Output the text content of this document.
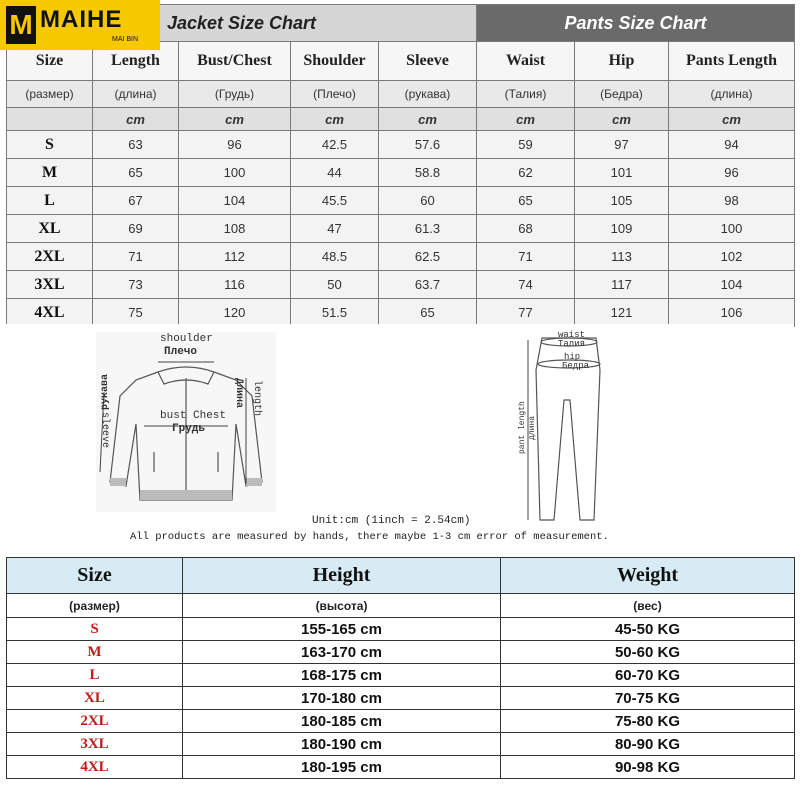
Jacket Size Chart					Pants Size Chart		
Size	Length	Bust/Chest	Shoulder	Sleeve	Waist	Hip	Pants Length
(размер)	(длина)	(Грудь)	(Плечо)	(рукава)	(Талия)	(Бедра)	(длина)
	cm	cm	cm	cm	cm	cm	cm
S	63	96	42.5	57.6	59	97	94
M	65	100	44	58.8	62	101	96
L	67	104	45.5	60	65	105	98
XL	69	108	47	61.3	68	109	100
2XL	71	112	48.5	62.5	71	113	102
3XL	73	116	50	63.7	74	117	104
4XL	75	120	51.5	65	77	121	106
M MAIHE
MAI BIN
shoulder
Плечо
bust Chest
Грудь
sleeve
рукава	length
Длина
waist
Талия
hip
Бедра
pant length длина
Unit:cm (1inch = 2.54cm)
All products are measured by hands, there maybe 1-3 cm error of measurement.
Size	Height	Weight
(размер)	(высота)	(вес)
S	155-165 cm	45-50 KG
M	163-170 cm	50-60 KG
L	168-175 cm	60-70 KG
XL	170-180 cm	70-75 KG
2XL	180-185 cm	75-80 KG
3XL	180-190 cm	80-90 KG
4XL	180-195 cm	90-98 KG
